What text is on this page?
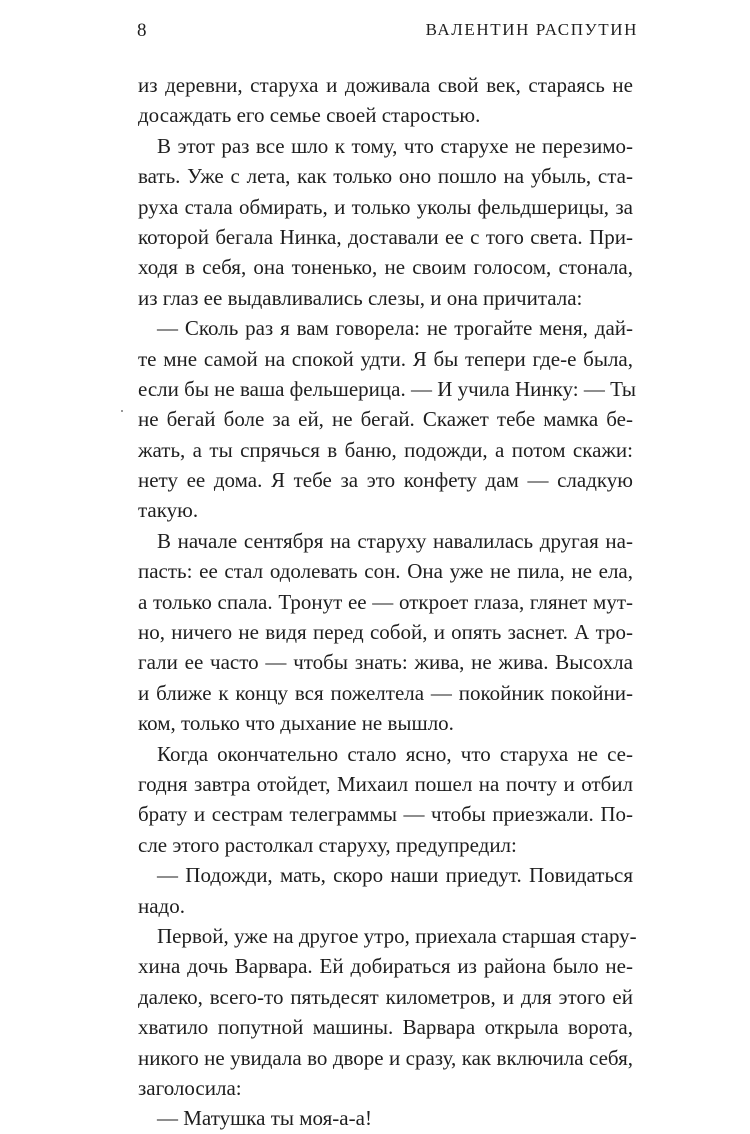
8	ВАЛЕНТИН РАСПУТИН
из деревни, старуха и доживала свой век, стараясь не
досаждать его семье своей старостью.
В этот раз все шло к тому, что старухе не перезимо-
вать. Уже с лета, как только оно пошло на убыль, ста-
руха стала обмирать, и только уколы фельдшерицы, за
которой бегала Нинка, доставали ее с того света. При-
ходя в себя, она тоненько, не своим голосом, стонала,
из глаз ее выдавливались слезы, и она причитала:
— Сколь раз я вам говорела: не трогайте меня, дай-
те мне самой на спокой удти. Я бы тепери где-е была,
если бы не ваша фельшерица. — И учила Нинку: — Ты
не бегай боле за ей, не бегай. Скажет тебе мамка бе-
жать, а ты спрячься в баню, подожди, а потом скажи:
нету ее дома. Я тебе за это конфету дам — сладкую
такую.
В начале сентября на старуху навалилась другая на-
пасть: ее стал одолевать сон. Она уже не пила, не ела,
а только спала. Тронут ее — откроет глаза, глянет мут-
но, ничего не видя перед собой, и опять заснет. А тро-
гали ее часто — чтобы знать: жива, не жива. Высохла
и ближе к концу вся пожелтела — покойник покойни-
ком, только что дыхание не вышло.
Когда окончательно стало ясно, что старуха не се-
годня завтра отойдет, Михаил пошел на почту и отбил
брату и сестрам телеграммы — чтобы приезжали. По-
сле этого растолкал старуху, предупредил:
— Подожди, мать, скоро наши приедут. Повидаться
надо.
Первой, уже на другое утро, приехала старшая стару-
хина дочь Варвара. Ей добираться из района было не-
далеко, всего-то пятьдесят километров, и для этого ей
хватило попутной машины. Варвара открыла ворота,
никого не увидала во дворе и сразу, как включила себя,
заголосила:
— Матушка ты моя-а-а!
